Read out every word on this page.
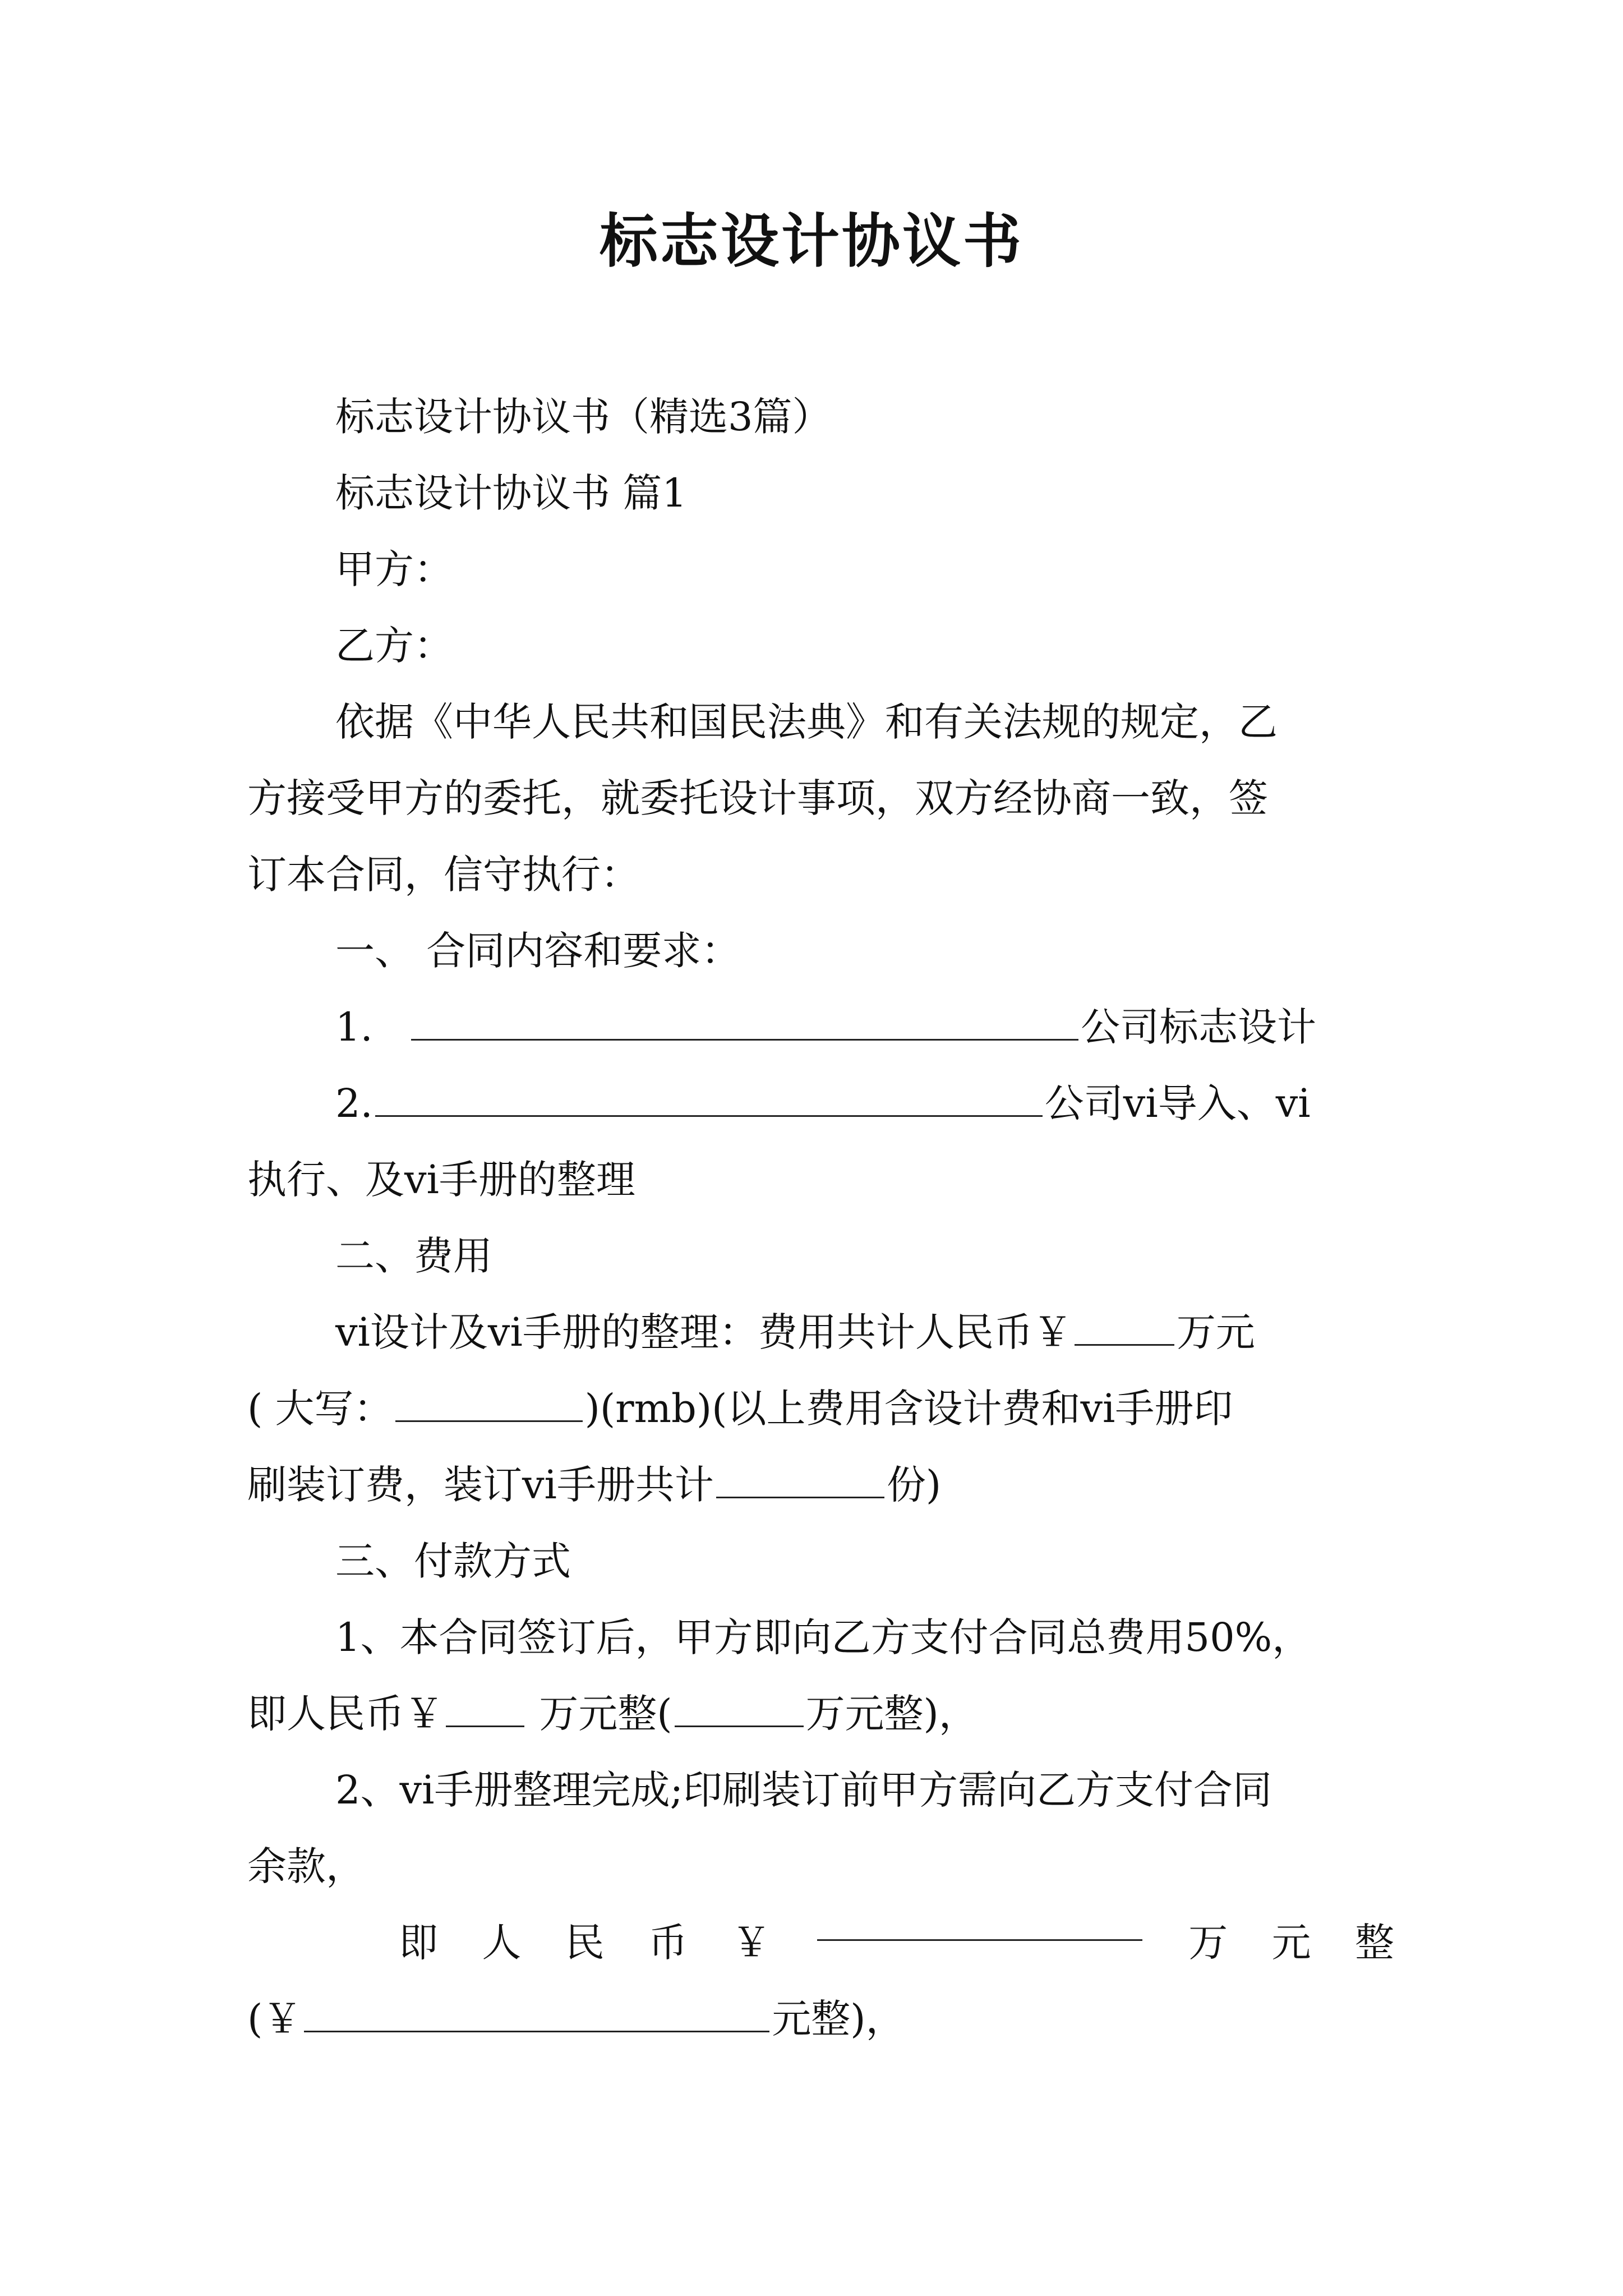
标志设计协议书

标志设计协议书（精选3篇）

标志设计协议书 篇1

甲方：

乙方：

依据《中华人民共和国民法典》和有关法规的规定，乙
方接受甲方的委托，就委托设计事项，双方经协商一致，签
订本合同，信守执行：

一、 合同内容和要求：

1.	公司标志设计

2.	公司vi导入、vi
执行、及vi手册的整理

二、费用

vi设计及vi手册的整理：费用共计人民币￥	万元
( 大写：	)(rmb)(以上费用含设计费和vi手册印
刷装订费，装订vi手册共计	份)

三、付款方式

1、本合同签订后，甲方即向乙方支付合同总费用50%，
即人民币￥ 万元整(	万元整)，

2、vi手册整理完成;印刷装订前甲方需向乙方支付合同
余款，
即 人 民 币 ￥	万 元 整
(￥	元整)，
